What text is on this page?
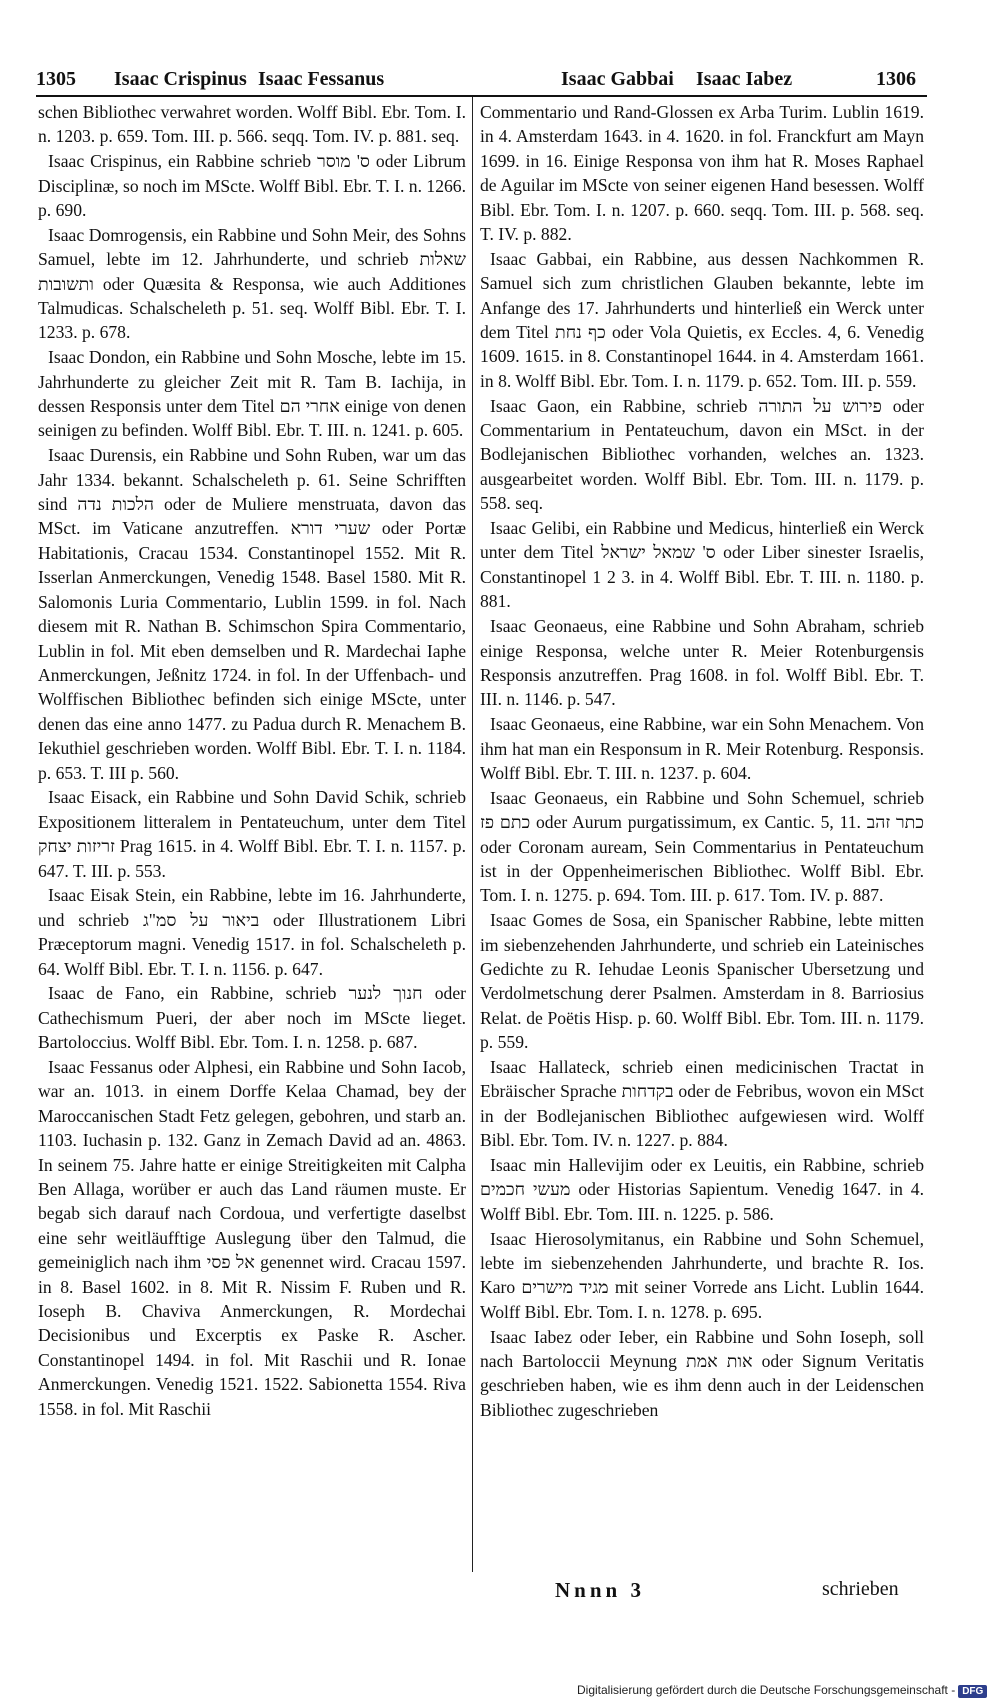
1305 Isaac Crispinus Isaac Fessanus	Isaac Gabbai Isaac Iabez	1306

schen Bibliothec verwahret worden. Wolff Bibl. Ebr. Tom. I. n. 1203. p. 659. Tom. III. p. 566. seqq. Tom. IV. p. 881. seq.

Isaac Crispinus, ein Rabbine schrieb ס' מוסר oder Librum Disciplinæ, so noch im MScte. Wolff Bibl. Ebr. T. I. n. 1266. p. 690.

Isaac Domrogensis, ein Rabbine und Sohn Meir, des Sohns Samuel, lebte im 12. Jahrhunderte, und schrieb שאלות ותשובות oder Quæsita & Responsa, wie auch Additiones Talmudicas. Schalscheleth p. 51. seq. Wolff Bibl. Ebr. T. I. 1233. p. 678.

Isaac Dondon, ein Rabbine und Sohn Mosche, lebte im 15. Jahrhunderte zu gleicher Zeit mit R. Tam B. Iachija, in dessen Responsis unter dem Titel אחרי הם einige von denen seinigen zu befinden. Wolff Bibl. Ebr. T. III. n. 1241. p. 605.

Isaac Durensis, ein Rabbine und Sohn Ruben, war um das Jahr 1334. bekannt. Schalscheleth p. 61. Seine Schrifften sind הלכות נדה oder de Muliere menstruata, davon das MSct. im Vaticane anzutreffen. שערי דורא oder Portæ Habitationis, Cracau 1534. Constantinopel 1552. Mit R. Isserlan Anmerckungen, Venedig 1548. Basel 1580. Mit R. Salomonis Luria Commentario, Lublin 1599. in fol. Nach diesem mit R. Nathan B. Schimschon Spira Commentario, Lublin in fol. Mit eben demselben und R. Mardechai Iaphe Anmerckungen, Jeßnitz 1724. in fol. In der Uffenbach- und Wolffischen Bibliothec befinden sich einige MScte, unter denen das eine anno 1477. zu Padua durch R. Menachem B. Iekuthiel geschrieben worden. Wolff Bibl. Ebr. T. I. n. 1184. p. 653. T. III p. 560.

Isaac Eisack, ein Rabbine und Sohn David Schik, schrieb Expositionem litteralem in Pentateuchum, unter dem Titel זריזות יצחק Prag 1615. in 4. Wolff Bibl. Ebr. T. I. n. 1157. p. 647. T. III. p. 553.

Isaac Eisak Stein, ein Rabbine, lebte im 16. Jahrhunderte, und schrieb ביאור על סמ"ג oder Illustrationem Libri Præceptorum magni. Venedig 1517. in fol. Schalscheleth p. 64. Wolff Bibl. Ebr. T. I. n. 1156. p. 647.

Isaac de Fano, ein Rabbine, schrieb חנוך לנער oder Cathechismum Pueri, der aber noch im MScte lieget. Bartoloccius. Wolff Bibl. Ebr. Tom. I. n. 1258. p. 687.

Isaac Fessanus oder Alphesi, ein Rabbine und Sohn Iacob, war an. 1013. in einem Dorffe Kelaa Chamad, bey der Maroccanischen Stadt Fetz gelegen, gebohren, und starb an. 1103. Iuchasin p. 132. Ganz in Zemach David ad an. 4863. In seinem 75. Jahre hatte er einige Streitigkeiten mit Calpha Ben Allaga, worüber er auch das Land räumen muste. Er begab sich darauf nach Cordoua, und verfertigte daselbst eine sehr weitläufftige Auslegung über den Talmud, die gemeiniglich nach ihm אל פסי genennet wird. Cracau 1597. in 8. Basel 1602. in 8. Mit R. Nissim F. Ruben und R. Ioseph B. Chaviva Anmerckungen, R. Mordechai Decisionibus und Excerptis ex Paske R. Ascher. Constantinopel 1494. in fol. Mit Raschii und R. Ionae Anmerckungen. Venedig 1521. 1522. Sabionetta 1554. Riva 1558. in fol. Mit Raschii

Commentario und Rand-Glossen ex Arba Turim. Lublin 1619. in 4. Amsterdam 1643. in 4. 1620. in fol. Franckfurt am Mayn 1699. in 16. Einige Responsa von ihm hat R. Moses Raphael de Aguilar im MScte von seiner eigenen Hand besessen. Wolff Bibl. Ebr. Tom. I. n. 1207. p. 660. seqq. Tom. III. p. 568. seq. T. IV. p. 882.

Isaac Gabbai, ein Rabbine, aus dessen Nachkommen R. Samuel sich zum christlichen Glauben bekannte, lebte im Anfange des 17. Jahrhunderts und hinterließ ein Werck unter dem Titel כף נחת oder Vola Quietis, ex Eccles. 4, 6. Venedig 1609. 1615. in 8. Constantinopel 1644. in 4. Amsterdam 1661. in 8. Wolff Bibl. Ebr. Tom. I. n. 1179. p. 652. Tom. III. p. 559.

Isaac Gaon, ein Rabbine, schrieb פירוש על התורה oder Commentarium in Pentateuchum, davon ein MSct. in der Bodlejanischen Bibliothec vorhanden, welches an. 1323. ausgearbeitet worden. Wolff Bibl. Ebr. Tom. III. n. 1179. p. 558. seq.

Isaac Gelibi, ein Rabbine und Medicus, hinterließ ein Werck unter dem Titel ס' שמאל ישראל oder Liber sinester Israelis, Constantinopel 1 2 3. in 4. Wolff Bibl. Ebr. T. III. n. 1180. p. 881.

Isaac Geonaeus, eine Rabbine und Sohn Abraham, schrieb einige Responsa, welche unter R. Meier Rotenburgensis Responsis anzutreffen. Prag 1608. in fol. Wolff Bibl. Ebr. T. III. n. 1146. p. 547.

Isaac Geonaeus, eine Rabbine, war ein Sohn Menachem. Von ihm hat man ein Responsum in R. Meir Rotenburg. Responsis. Wolff Bibl. Ebr. T. III. n. 1237. p. 604.

Isaac Geonaeus, ein Rabbine und Sohn Schemuel, schrieb כתם פז oder Aurum purgatissimum, ex Cantic. 5, 11. כתר זהב oder Coronam auream, Sein Commentarius in Pentateuchum ist in der Oppenheimerischen Bibliothec. Wolff Bibl. Ebr. Tom. I. n. 1275. p. 694. Tom. III. p. 617. Tom. IV. p. 887.

Isaac Gomes de Sosa, ein Spanischer Rabbine, lebte mitten im siebenzehenden Jahrhunderte, und schrieb ein Lateinisches Gedichte zu R. Iehudae Leonis Spanischer Ubersetzung und Verdolmetschung derer Psalmen. Amsterdam in 8. Barriosius Relat. de Poëtis Hisp. p. 60. Wolff Bibl. Ebr. Tom. III. n. 1179. p. 559.

Isaac Hallateck, schrieb einen medicinischen Tractat in Ebräischer Sprache בקדחות oder de Febribus, wovon ein MSct in der Bodlejanischen Bibliothec aufgewiesen wird. Wolff Bibl. Ebr. Tom. IV. n. 1227. p. 884.

Isaac min Hallevijim oder ex Leuitis, ein Rabbine, schrieb מעשי חכמים oder Historias Sapientum. Venedig 1647. in 4. Wolff Bibl. Ebr. Tom. III. n. 1225. p. 586.

Isaac Hierosolymitanus, ein Rabbine und Sohn Schemuel, lebte im siebenzehenden Jahrhunderte, und brachte R. Ios. Karo מגיד מישרים mit seiner Vorrede ans Licht. Lublin 1644. Wolff Bibl. Ebr. Tom. I. n. 1278. p. 695.

Isaac Iabez oder Ieber, ein Rabbine und Sohn Ioseph, soll nach Bartoloccii Meynung אות אמת oder Signum Veritatis geschrieben haben, wie es ihm denn auch in der Leidenschen Bibliothec zugeschrieben

Nnnn 3	schrieben
Digitalisierung gefördert durch die Deutsche Forschungsgemeinschaft - DFG
